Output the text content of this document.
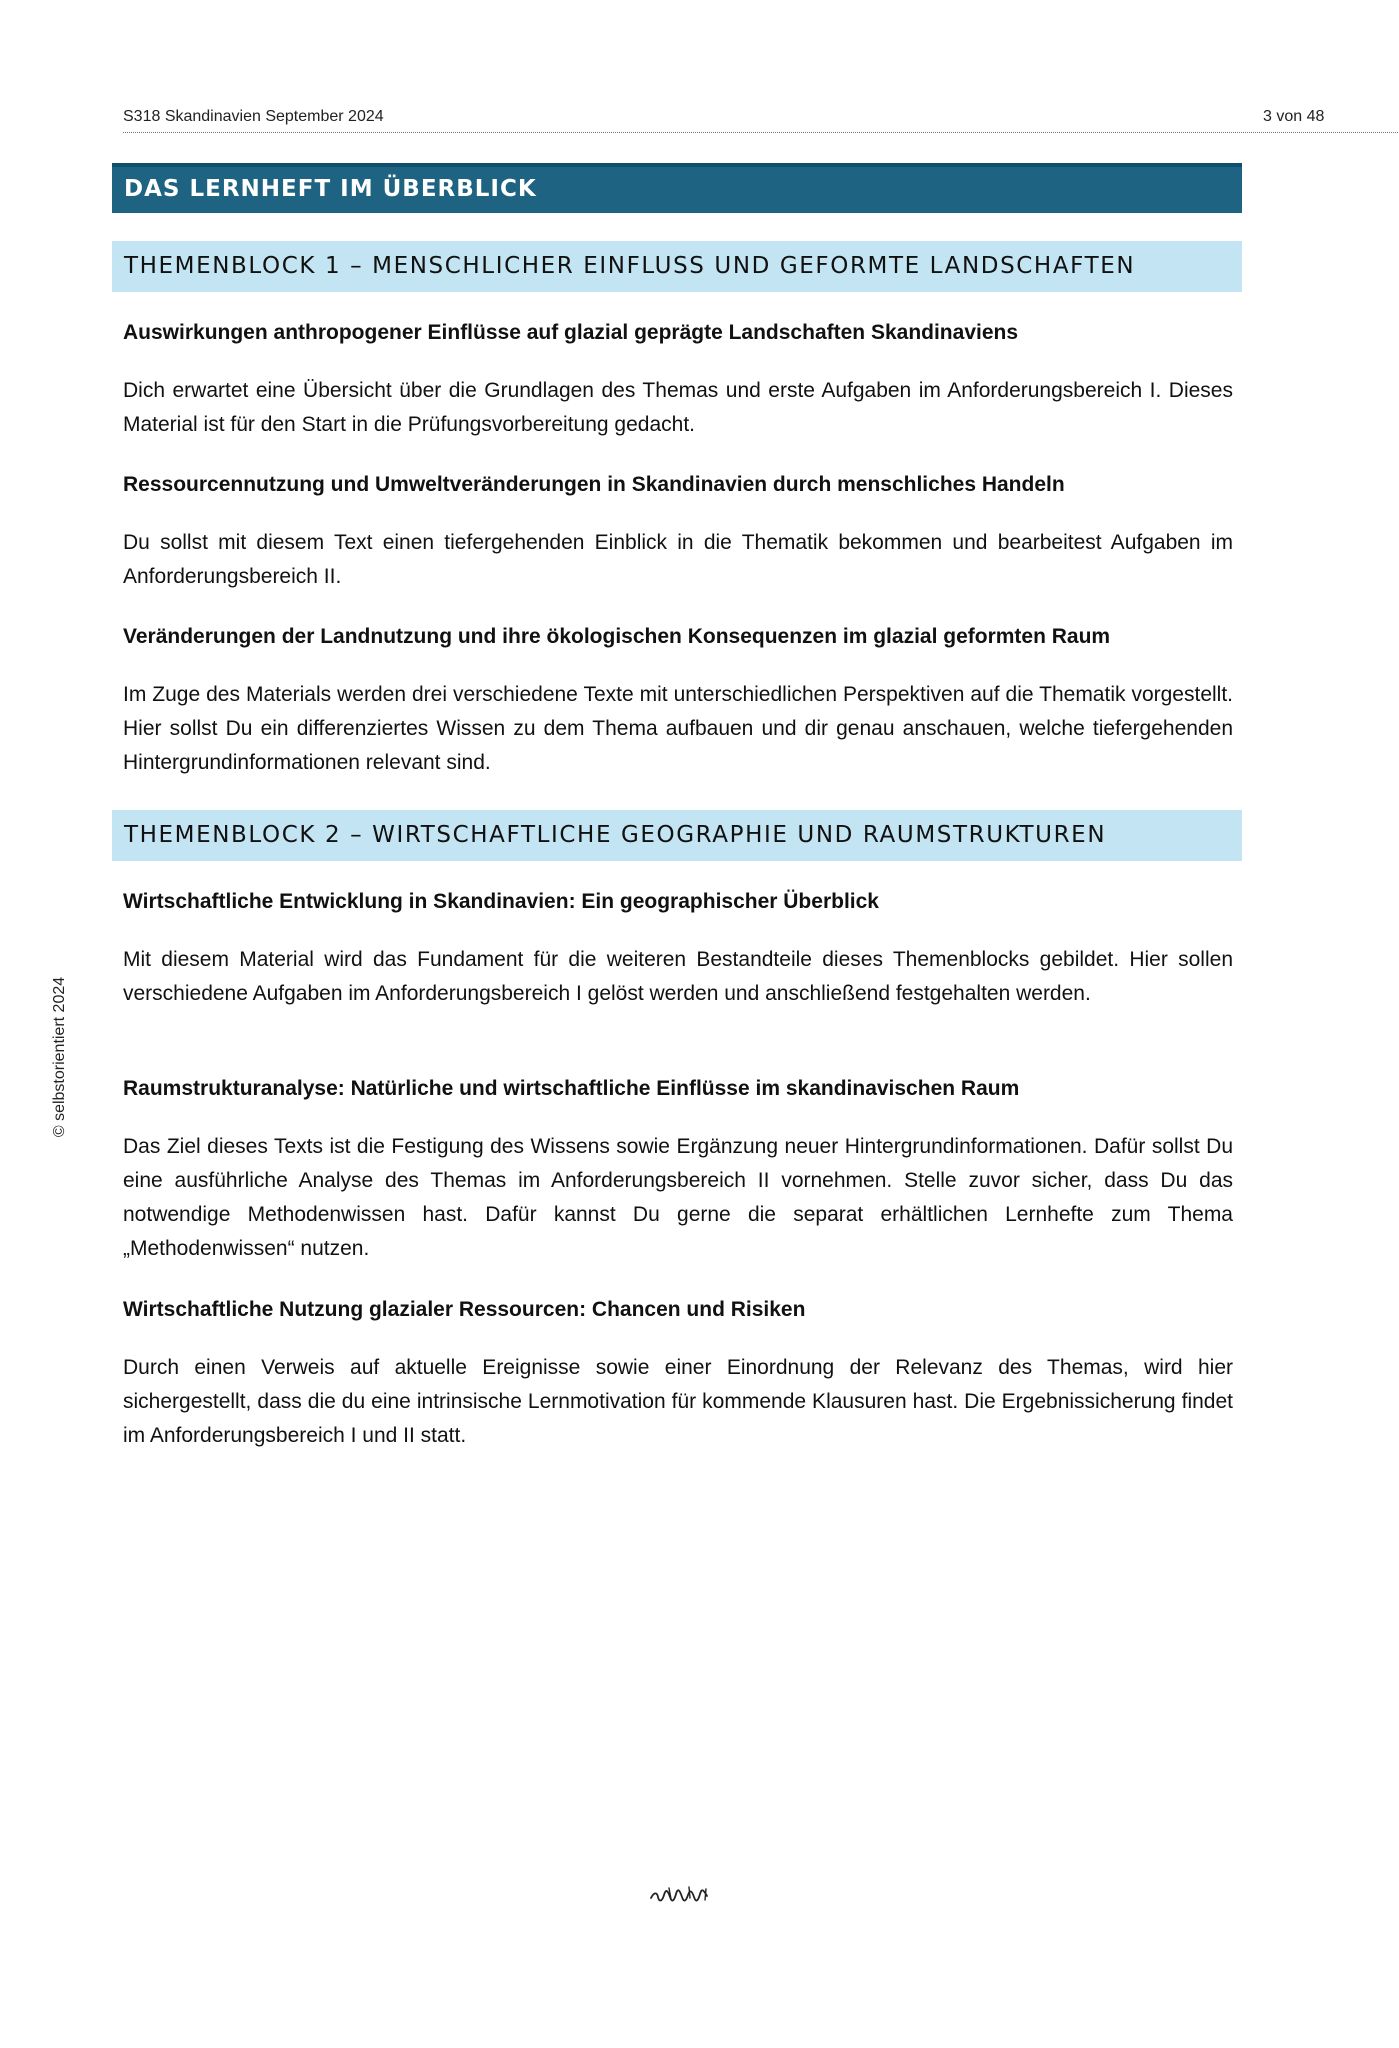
S318 Skandinavien September 2024	3 von 48
DAS LERNHEFT IM ÜBERBLICK
THEMENBLOCK 1 – MENSCHLICHER EINFLUSS UND GEFORMTE LANDSCHAFTEN
Auswirkungen anthropogener Einflüsse auf glazial geprägte Landschaften Skandinaviens
Dich erwartet eine Übersicht über die Grundlagen des Themas und erste Aufgaben im Anforderungsbereich I. Dieses Material ist für den Start in die Prüfungsvorbereitung gedacht.
Ressourcennutzung und Umweltveränderungen in Skandinavien durch menschliches Handeln
Du sollst mit diesem Text einen tiefergehenden Einblick in die Thematik bekommen und bearbeitest Aufgaben im Anforderungsbereich II.
Veränderungen der Landnutzung und ihre ökologischen Konsequenzen im glazial geformten Raum
Im Zuge des Materials werden drei verschiedene Texte mit unterschiedlichen Perspektiven auf die Thematik vorgestellt. Hier sollst Du ein differenziertes Wissen zu dem Thema aufbauen und dir genau anschauen, welche tiefergehenden Hintergrundinformationen relevant sind.
THEMENBLOCK 2 – WIRTSCHAFTLICHE GEOGRAPHIE UND RAUMSTRUKTUREN
Wirtschaftliche Entwicklung in Skandinavien: Ein geographischer Überblick
Mit diesem Material wird das Fundament für die weiteren Bestandteile dieses Themenblocks gebildet. Hier sollen verschiedene Aufgaben im Anforderungsbereich I gelöst werden und anschließend festgehalten werden.
Raumstrukturanalyse: Natürliche und wirtschaftliche Einflüsse im skandinavischen Raum
Das Ziel dieses Texts ist die Festigung des Wissens sowie Ergänzung neuer Hintergrundinformationen. Dafür sollst Du eine ausführliche Analyse des Themas im Anforderungsbereich II vornehmen. Stelle zuvor sicher, dass Du das notwendige Methodenwissen hast. Dafür kannst Du gerne die separat erhältlichen Lernhefte zum Thema „Methodenwissen“ nutzen.
Wirtschaftliche Nutzung glazialer Ressourcen: Chancen und Risiken
Durch einen Verweis auf aktuelle Ereignisse sowie einer Einordnung der Relevanz des Themas, wird hier sichergestellt, dass die du eine intrinsische Lernmotivation für kommende Klausuren hast. Die Ergebnissicherung findet im Anforderungsbereich I und II statt.
© selbstorientiert 2024
